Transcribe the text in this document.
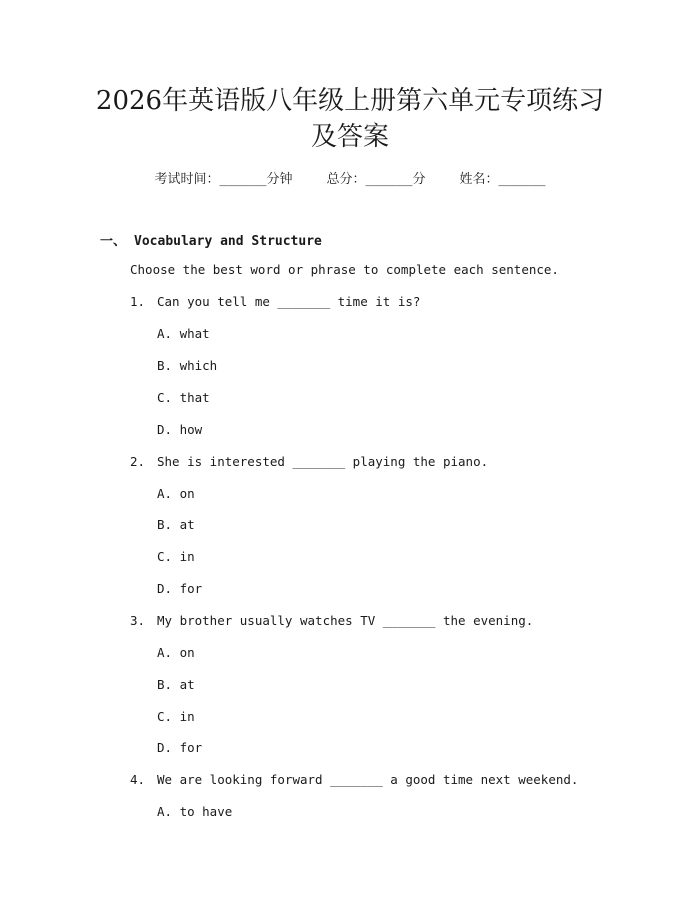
2026年英语版八年级上册第六单元专项练习
及答案
考试时间：______分钟	总分：______分	姓名：______
一、 Vocabulary and Structure
Choose the best word or phrase to complete each sentence.
1. Can you tell me _______ time it is?
A. what
B. which
C. that
D. how
2. She is interested _______ playing the piano.
A. on
B. at
C. in
D. for
3. My brother usually watches TV _______ the evening.
A. on
B. at
C. in
D. for
4. We are looking forward _______ a good time next weekend.
A. to have
